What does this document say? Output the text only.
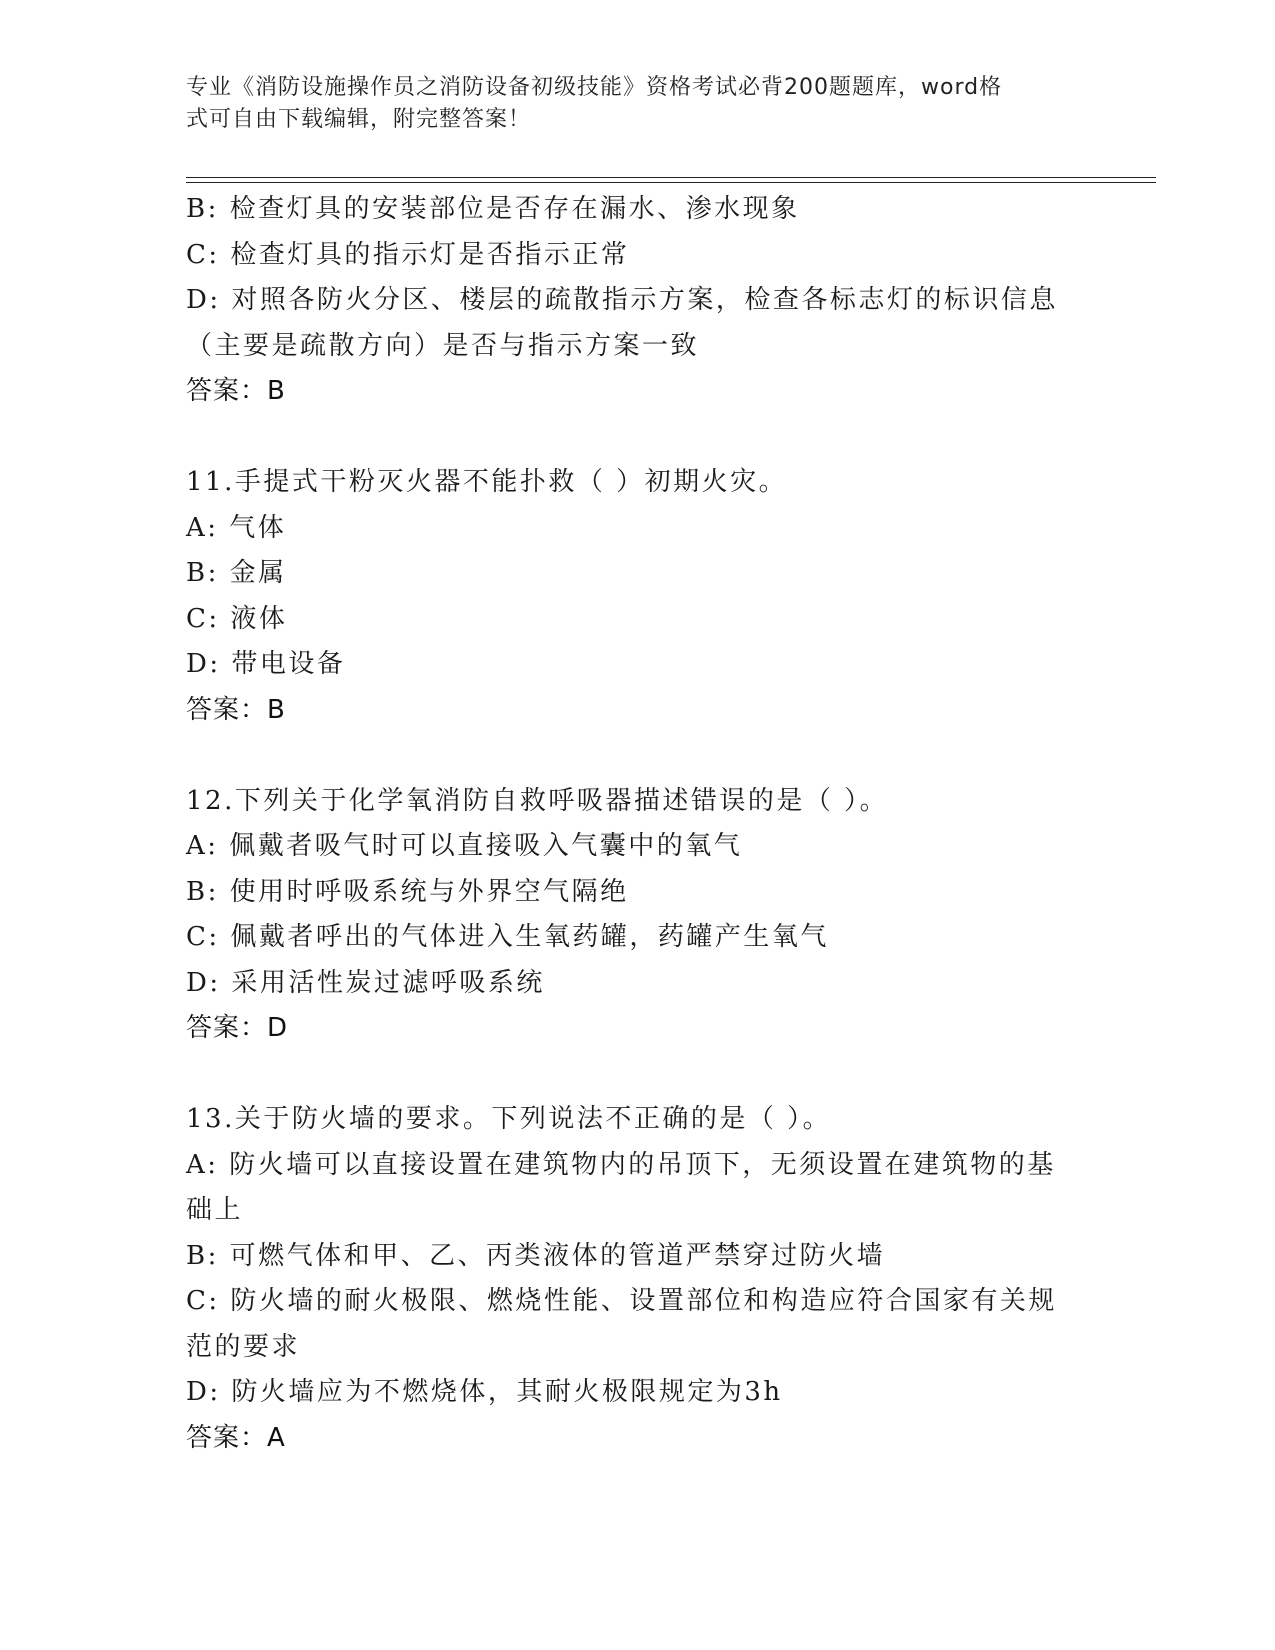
专业《消防设施操作员之消防设备初级技能》资格考试必背200题题库，word格
式可自由下载编辑，附完整答案！
B: 检查灯具的安装部位是否存在漏水、渗水现象
C: 检查灯具的指示灯是否指示正常
D: 对照各防火分区、楼层的疏散指示方案，检查各标志灯的标识信息
（主要是疏散方向）是否与指示方案一致
答案：B
11.手提式干粉灭火器不能扑救（ ）初期火灾。
A: 气体
B: 金属
C: 液体
D: 带电设备
答案：B
12.下列关于化学氧消防自救呼吸器描述错误的是（ ）。
A: 佩戴者吸气时可以直接吸入气囊中的氧气
B: 使用时呼吸系统与外界空气隔绝
C: 佩戴者呼出的气体进入生氧药罐，药罐产生氧气
D: 采用活性炭过滤呼吸系统
答案：D
13.关于防火墙的要求。下列说法不正确的是（ ）。
A: 防火墙可以直接设置在建筑物内的吊顶下，无须设置在建筑物的基
础上
B: 可燃气体和甲、乙、丙类液体的管道严禁穿过防火墙
C: 防火墙的耐火极限、燃烧性能、设置部位和构造应符合国家有关规
范的要求
D: 防火墙应为不燃烧体，其耐火极限规定为3h
答案：A
